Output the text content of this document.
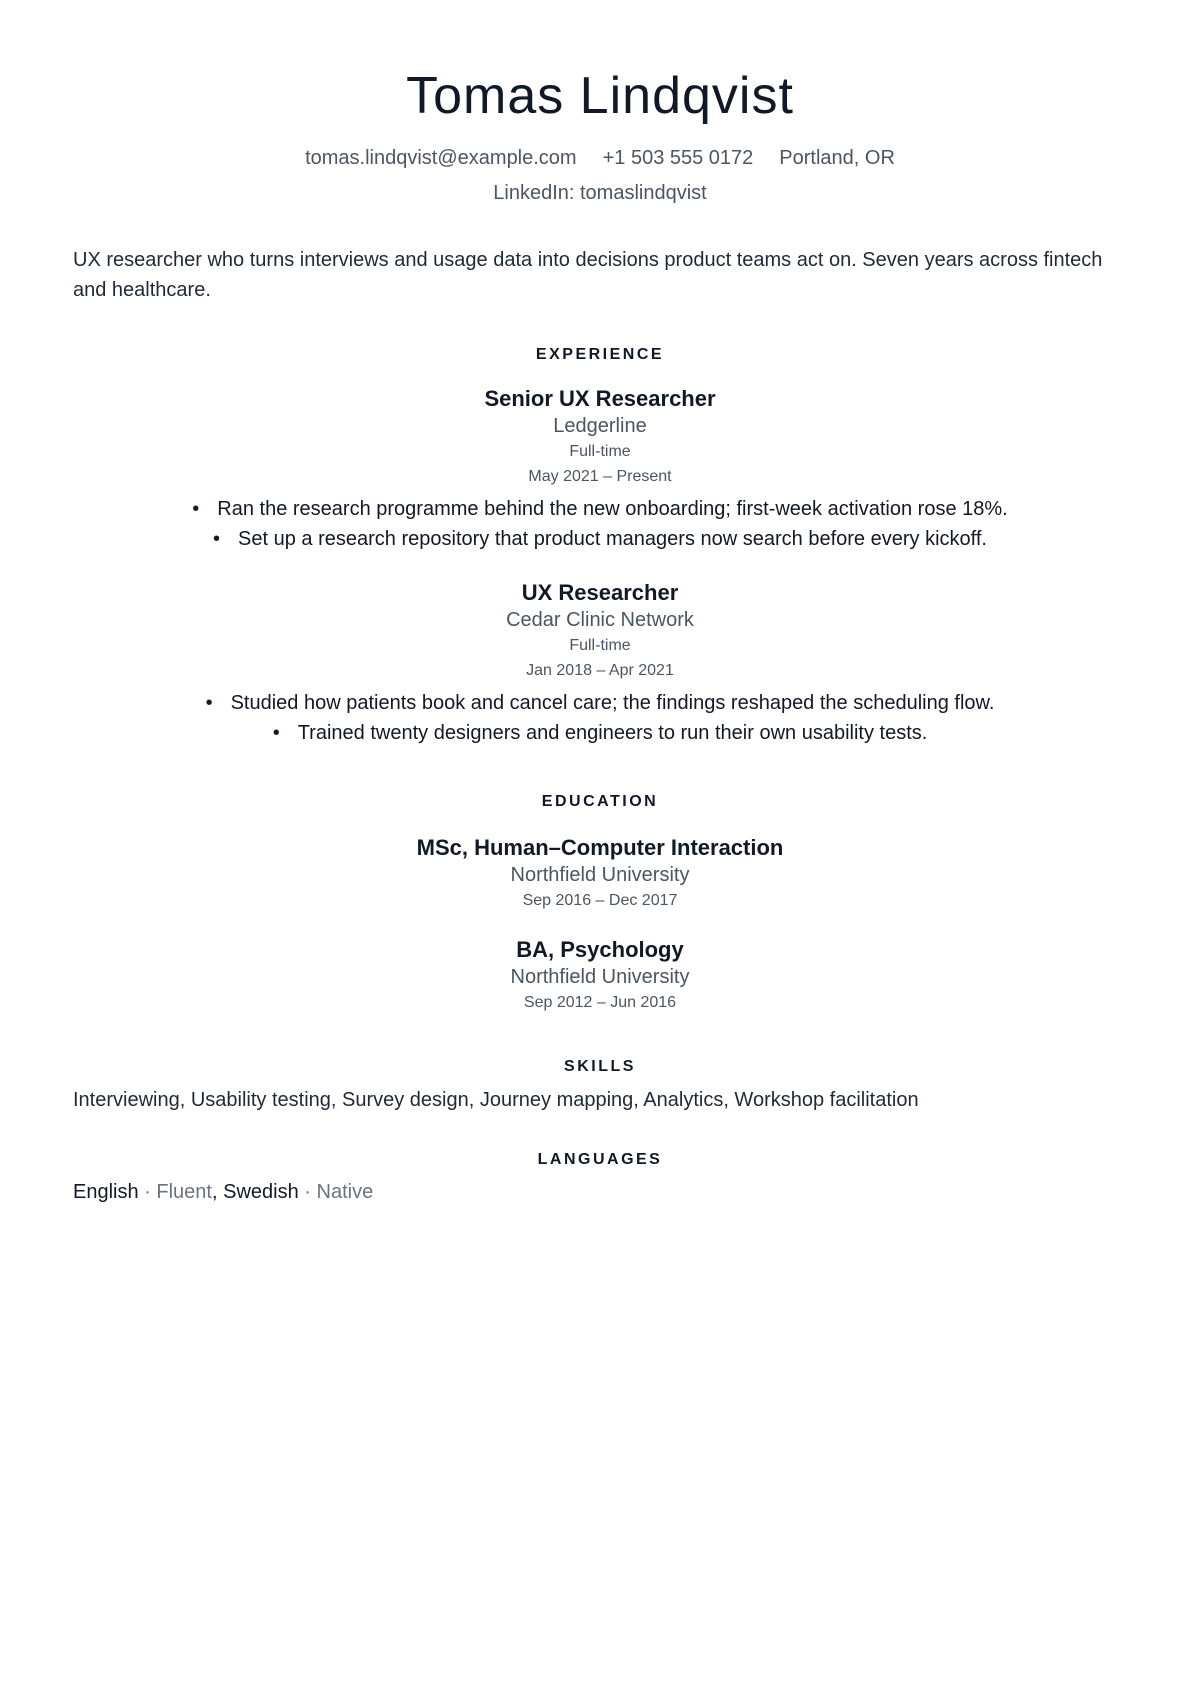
Tomas Lindqvist
tomas.lindqvist@example.com +1 503 555 0172 Portland, OR
LinkedIn: tomaslindqvist
UX researcher who turns interviews and usage data into decisions product teams act on. Seven years across fintech and healthcare.
EXPERIENCE
Senior UX Researcher
Ledgerline
Full-time
May 2021 – Present
• Ran the research programme behind the new onboarding; first-week activation rose 18%.
• Set up a research repository that product managers now search before every kickoff.
UX Researcher
Cedar Clinic Network
Full-time
Jan 2018 – Apr 2021
• Studied how patients book and cancel care; the findings reshaped the scheduling flow.
• Trained twenty designers and engineers to run their own usability tests.
EDUCATION
MSc, Human–Computer Interaction
Northfield University
Sep 2016 – Dec 2017
BA, Psychology
Northfield University
Sep 2012 – Jun 2016
SKILLS
Interviewing, Usability testing, Survey design, Journey mapping, Analytics, Workshop facilitation
LANGUAGES
English · Fluent, Swedish · Native
